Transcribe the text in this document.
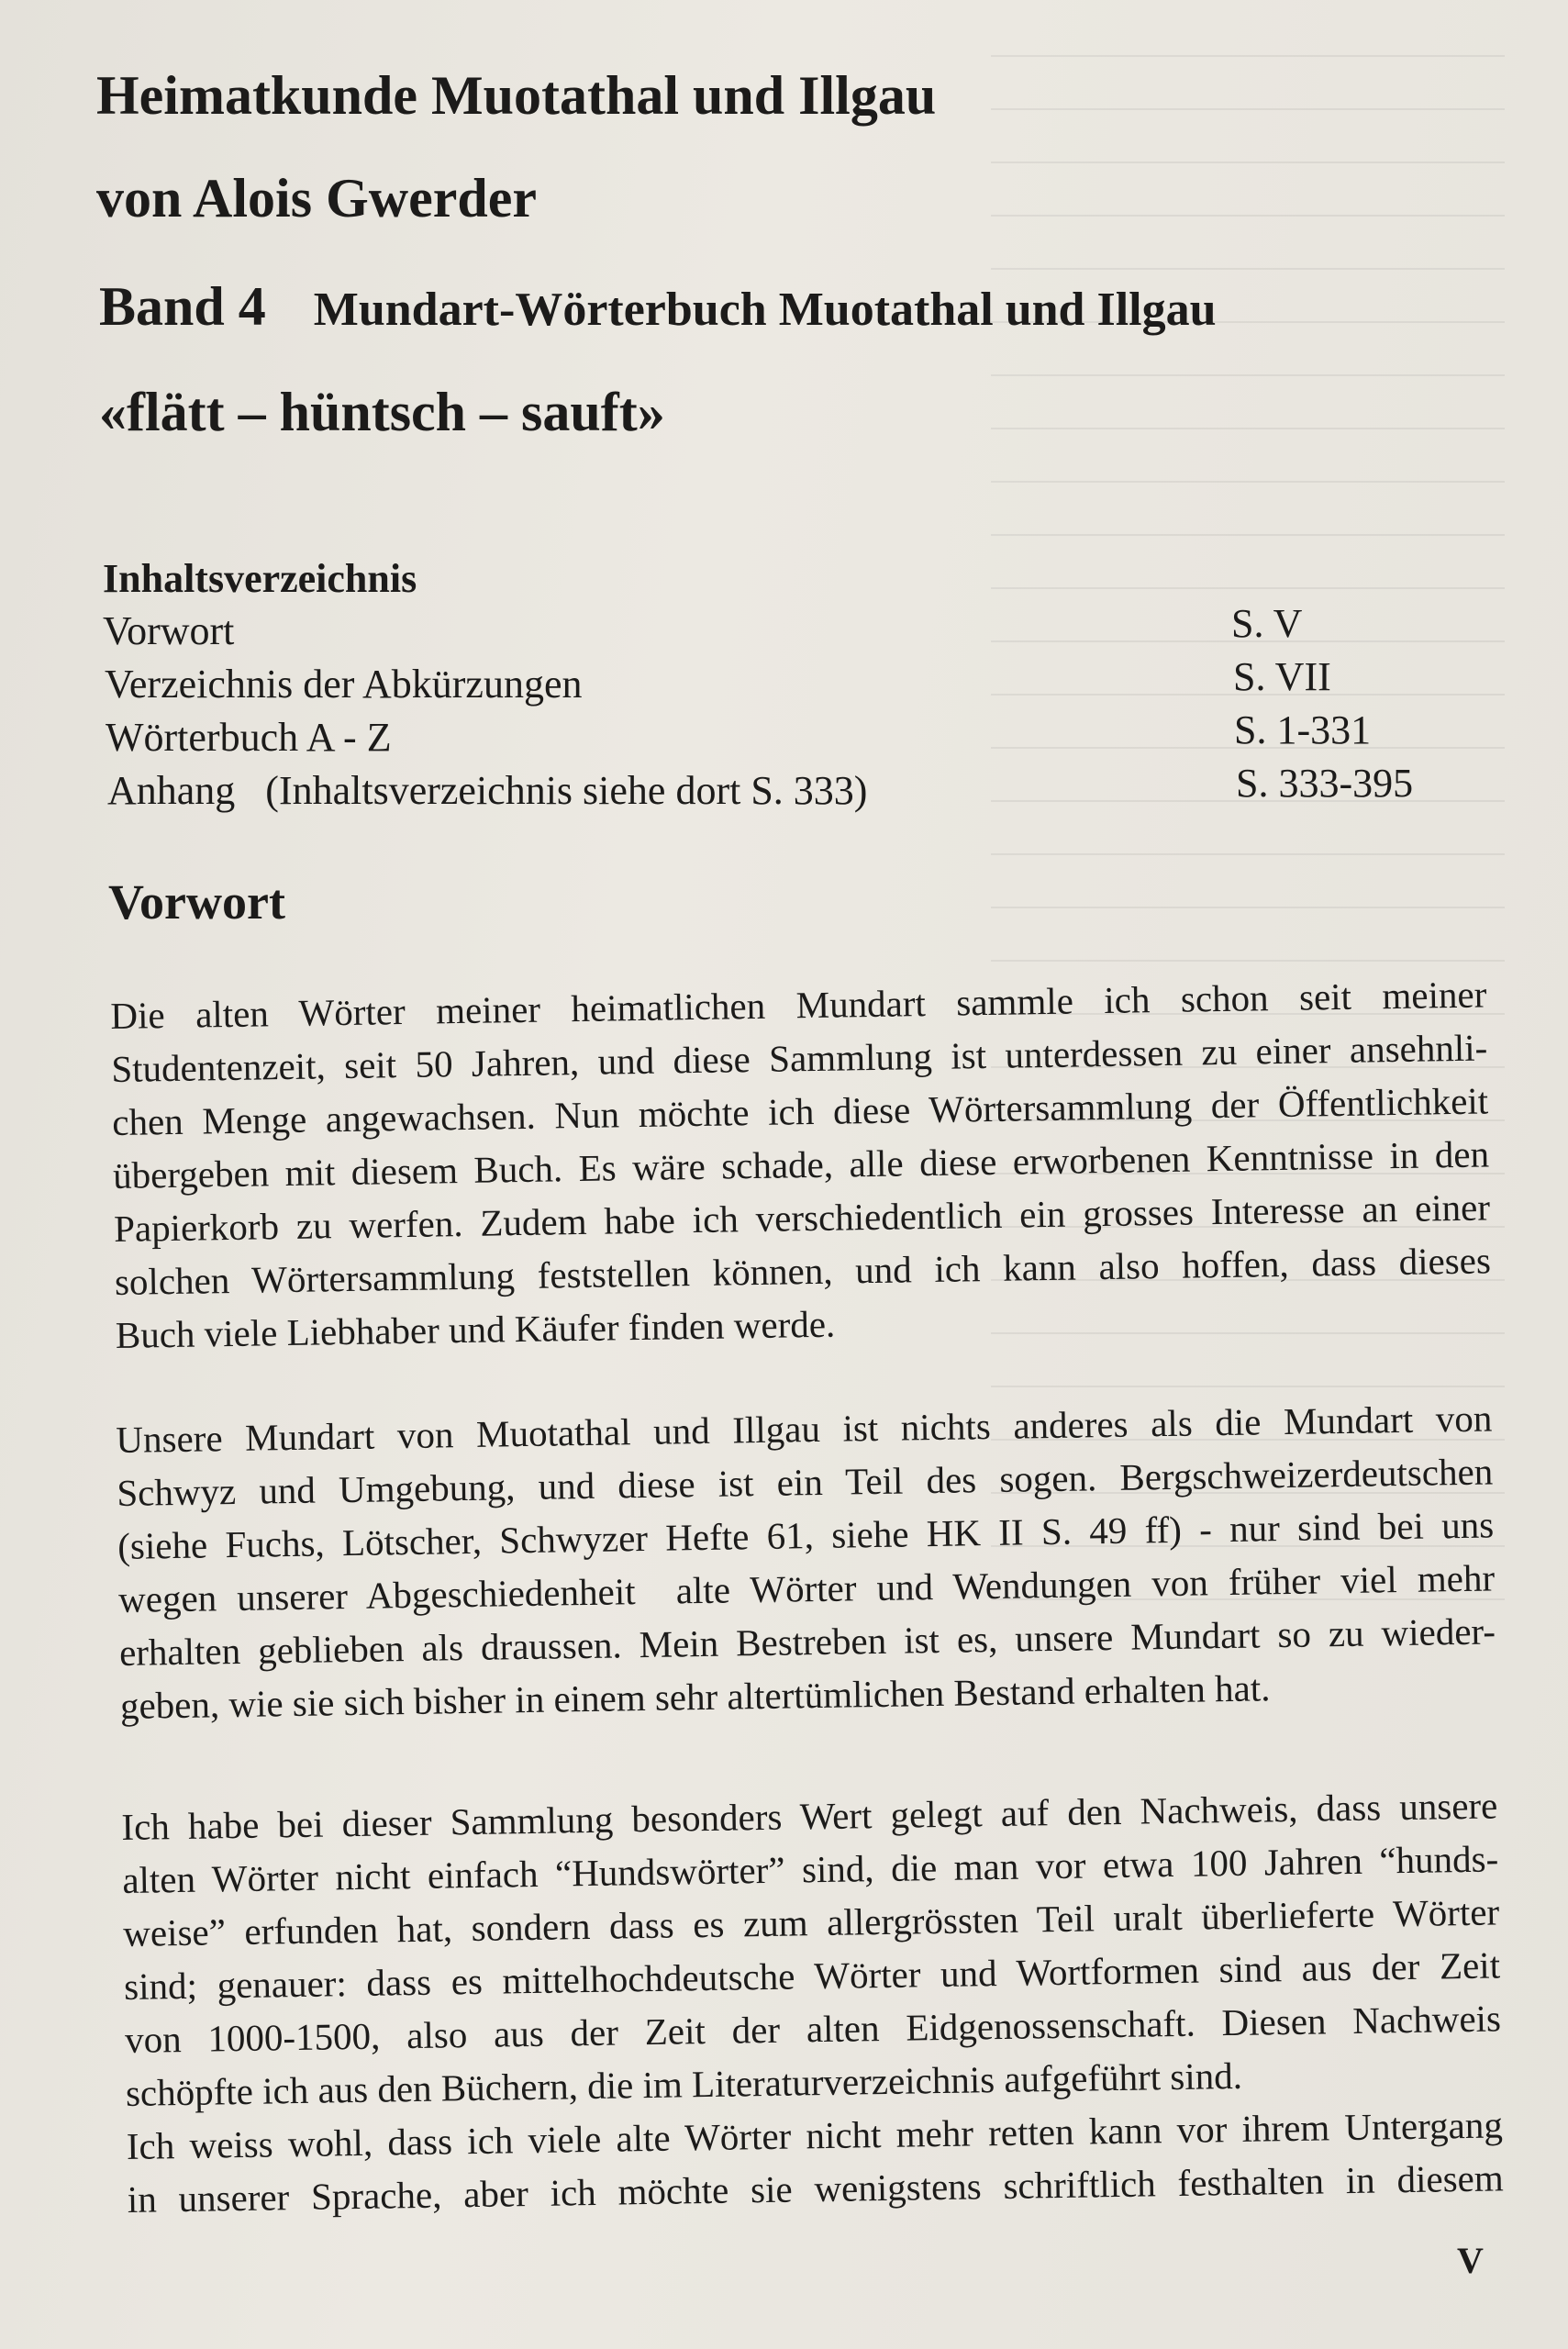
Heimatkunde Muotathal und Illgau
von Alois Gwerder
Band 4 Mundart-Wörterbuch Muotathal und Illgau
«flätt – hüntsch – sauft»
Inhaltsverzeichnis
Vorwort	S. V
Verzeichnis der Abkürzungen	S. VII
Wörterbuch A - Z	S. 1-331
Anhang   (Inhaltsverzeichnis siehe dort S. 333)	S. 333-395
Vorwort
Die alten Wörter meiner heimatlichen Mundart sammle ich schon seit meiner
Studentenzeit, seit 50 Jahren, und diese Sammlung ist unterdessen zu einer ansehnli-
chen Menge angewachsen. Nun möchte ich diese Wörtersammlung der Öffentlichkeit
übergeben mit diesem Buch. Es wäre schade, alle diese erworbenen Kenntnisse in den
Papierkorb zu werfen. Zudem habe ich verschiedentlich ein grosses Interesse an einer
solchen Wörtersammlung feststellen können, und ich kann also hoffen, dass dieses
Buch viele Liebhaber und Käufer finden werde.
Unsere Mundart von Muotathal und Illgau ist nichts anderes als die Mundart von
Schwyz und Umgebung, und diese ist ein Teil des sogen. Bergschweizerdeutschen
(siehe Fuchs, Lötscher, Schwyzer Hefte 61, siehe HK II S. 49 ff) - nur sind bei uns
wegen unserer Abgeschiedenheit  alte Wörter und Wendungen von früher viel mehr
erhalten geblieben als draussen. Mein Bestreben ist es, unsere Mundart so zu wieder-
geben, wie sie sich bisher in einem sehr altertümlichen Bestand erhalten hat.
Ich habe bei dieser Sammlung besonders Wert gelegt auf den Nachweis, dass unsere
alten Wörter nicht einfach “Hundswörter” sind, die man vor etwa 100 Jahren “hunds-
weise” erfunden hat, sondern dass es zum allergrössten Teil uralt überlieferte Wörter
sind; genauer: dass es mittelhochdeutsche Wörter und Wortformen sind aus der Zeit
von 1000-1500, also aus der Zeit der alten Eidgenossenschaft. Diesen Nachweis
schöpfte ich aus den Büchern, die im Literaturverzeichnis aufgeführt sind.
Ich weiss wohl, dass ich viele alte Wörter nicht mehr retten kann vor ihrem Untergang
in unserer Sprache, aber ich möchte sie wenigstens schriftlich festhalten in diesem
V
